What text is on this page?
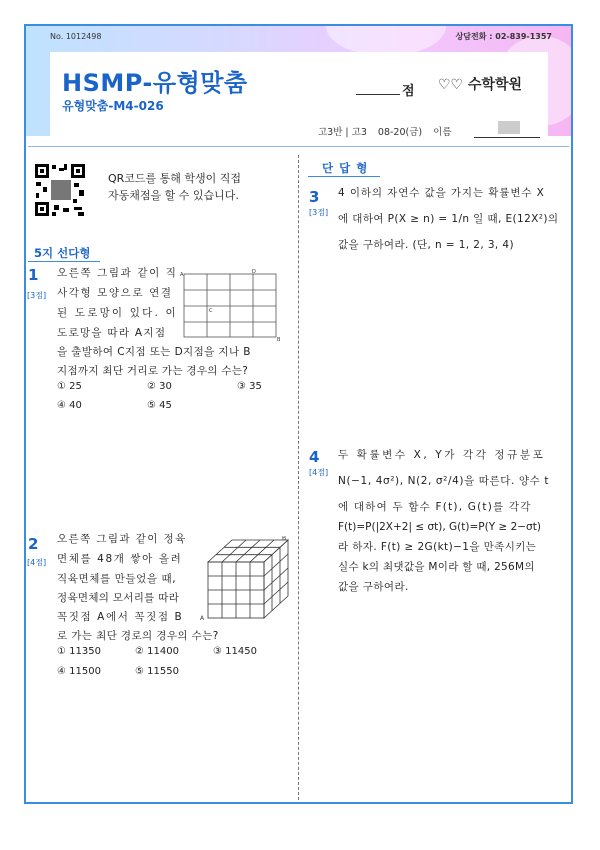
No. 1012498	상담전화 : 02-839-1357
HSMP-유형맞춤
유형맞춤-M4-026
점 ♡♡ 수학학원
고3반 | 고3 08-20(금) 이름
QR코드를 통해 학생이 직접
자동채점을 할 수 있습니다.
5지 선다형
단 답 형
1
[3점]
오른쪽 그림과 같이 직
사각형 모양으로 연결
된 도로망이 있다. 이
도로망을 따라 A지점
을 출발하여 C지점 또는 D지점을 지나 B
지점까지 최단 거리로 가는 경우의 수는?
① 25	② 30	③ 35
④ 40	⑤ 45
A	D
C
B
2
[4점]
오른쪽 그림과 같이 정육
면체를 48개 쌓아 올려
직육면체를 만들었을 때,
정육면체의 모서리를 따라
꼭짓점 A에서 꼭짓점 B
로 가는 최단 경로의 경우의 수는?
① 11350	② 11400	③ 11450
④ 11500	⑤ 11550
A
B
3
[3점]
4 이하의 자연수 값을 가지는 확률변수 X
에 대하여 P(X ≥ n) = 1/n 일 때, E(12X²)의
값을 구하여라. (단, n = 1, 2, 3, 4)
4
[4점]
두 확률변수 X, Y가 각각 정규분포
N(−1, 4σ²), N(2, σ²/4)을 따른다. 양수 t
에 대하여 두 함수 F(t), G(t)를 각각
F(t)=P(|2X+2| ≤ σt), G(t)=P(Y ≥ 2−σt)
라 하자. F(t) ≥ 2G(kt)−1을 만족시키는
실수 k의 최댓값을 M이라 할 때, 256M의
값을 구하여라.
